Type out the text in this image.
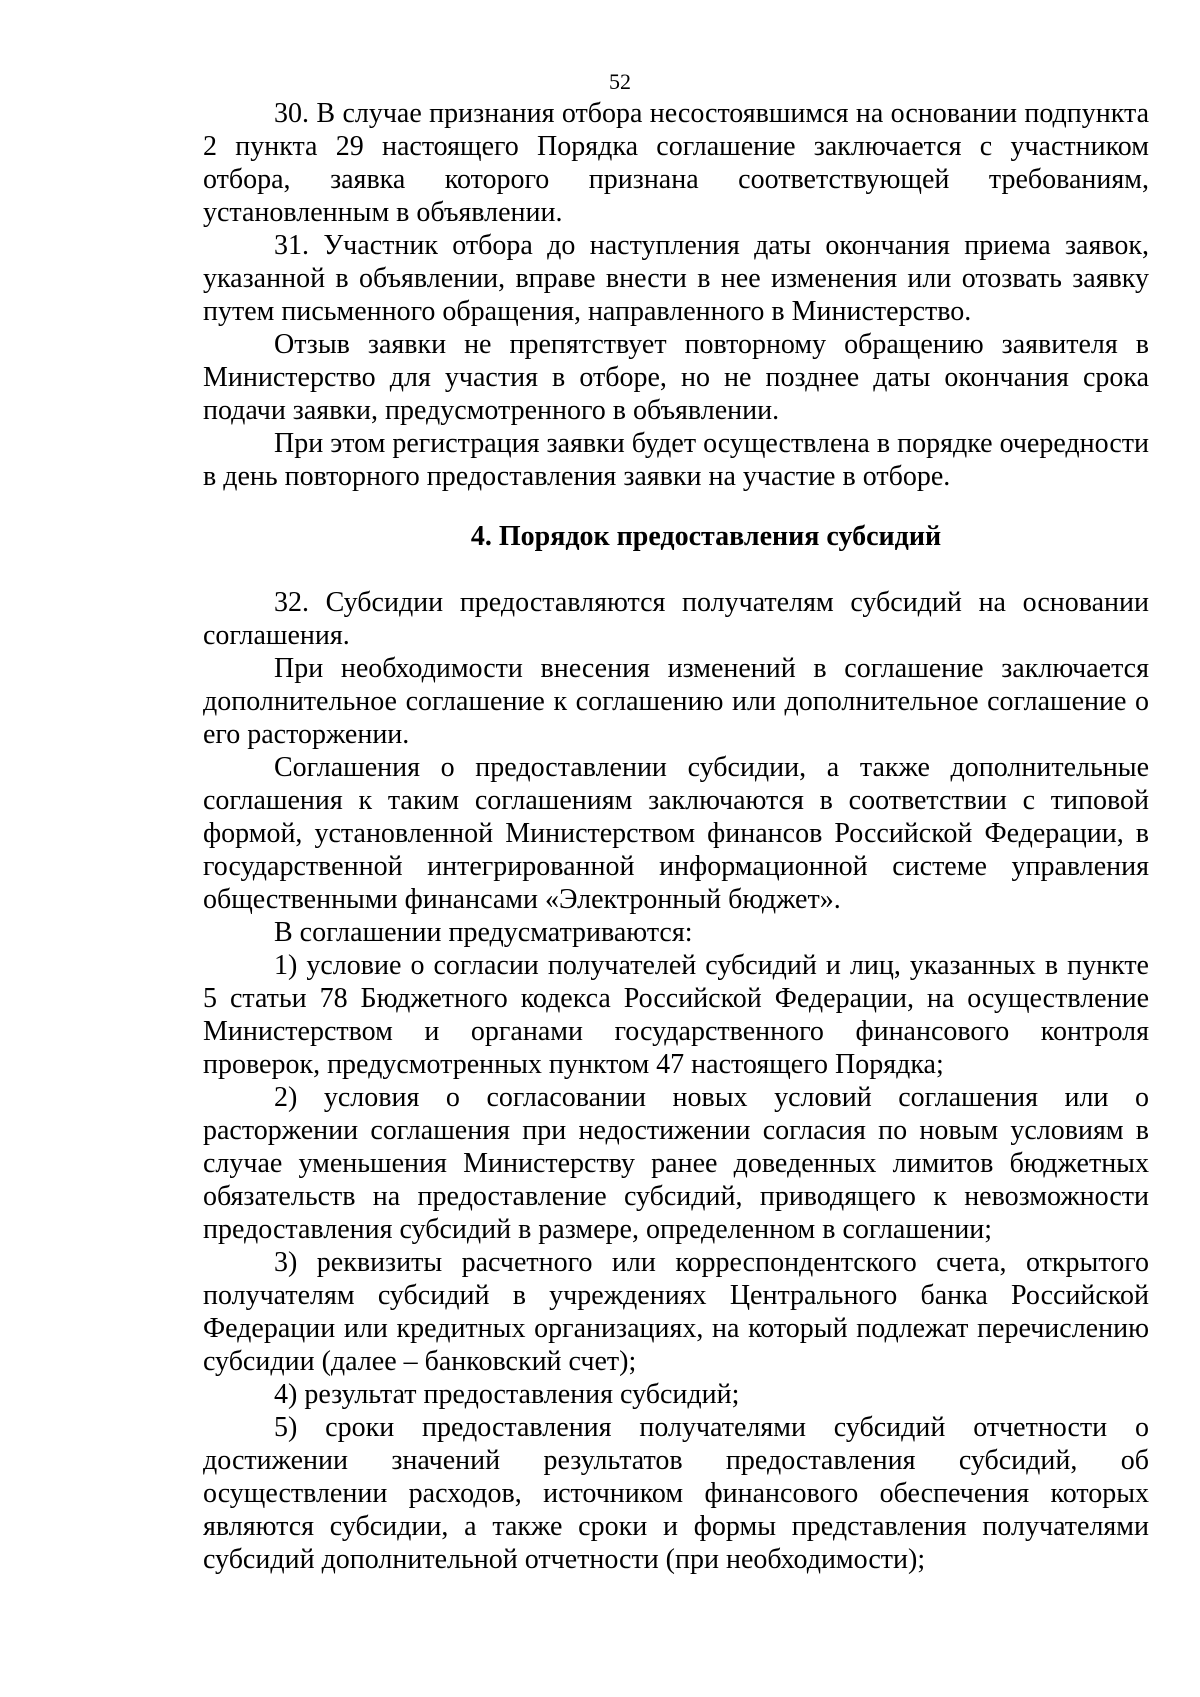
52

30. В случае признания отбора несостоявшимся на основании подпункта 2 пункта 29 настоящего Порядка соглашение заключается с участником отбора, заявка которого признана соответствующей требованиям, установленным в объявлении.

31. Участник отбора до наступления даты окончания приема заявок, указанной в объявлении, вправе внести в нее изменения или отозвать заявку путем письменного обращения, направленного в Министерство.

Отзыв заявки не препятствует повторному обращению заявителя в Министерство для участия в отборе, но не позднее даты окончания срока подачи заявки, предусмотренного в объявлении.

При этом регистрация заявки будет осуществлена в порядке очередности в день повторного предоставления заявки на участие в отборе.

4. Порядок предоставления субсидий

32. Субсидии предоставляются получателям субсидий на основании соглашения.

При необходимости внесения изменений в соглашение заключается дополнительное соглашение к соглашению или дополнительное соглашение о его расторжении.

Соглашения о предоставлении субсидии, а также дополнительные соглашения к таким соглашениям заключаются в соответствии с типовой формой, установленной Министерством финансов Российской Федерации, в государственной интегрированной информационной системе управления общественными финансами «Электронный бюджет».

В соглашении предусматриваются:

1) условие о согласии получателей субсидий и лиц, указанных в пункте 5 статьи 78 Бюджетного кодекса Российской Федерации, на осуществление Министерством и органами государственного финансового контроля проверок, предусмотренных пунктом 47 настоящего Порядка;

2) условия о согласовании новых условий соглашения или о расторжении соглашения при недостижении согласия по новым условиям в случае уменьшения Министерству ранее доведенных лимитов бюджетных обязательств на предоставление субсидий, приводящего к невозможности предоставления субсидий в размере, определенном в соглашении;

3) реквизиты расчетного или корреспондентского счета, открытого получателям субсидий в учреждениях Центрального банка Российской Федерации или кредитных организациях, на который подлежат перечислению субсидии (далее – банковский счет);

4) результат предоставления субсидий;

5) сроки предоставления получателями субсидий отчетности о достижении значений результатов предоставления субсидий, об осуществлении расходов, источником финансового обеспечения которых являются субсидии, а также сроки и формы представления получателями субсидий дополнительной отчетности (при необходимости);
